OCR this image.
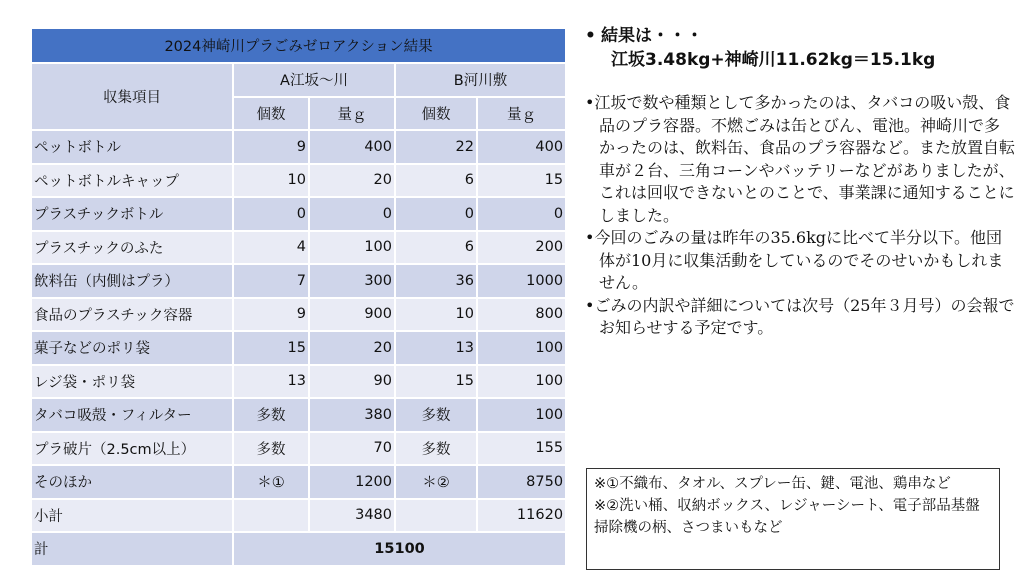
2024神崎川プラごみゼロアクション結果				
収集項目	A江坂～川		B河川敷	
	個数	量ｇ	個数	量ｇ
ペットボトル	9	400	22	400
ペットボトルキャップ	10	20	6	15
プラスチックボトル	0	0	0	0
プラスチックのふた	4	100	6	200
飲料缶（内側はプラ）	7	300	36	1000
食品のプラスチック容器	9	900	10	800
菓子などのポリ袋	15	20	13	100
レジ袋・ポリ袋	13	90	15	100
タバコ吸殻・フィルター	多数	380	多数	100
プラ破片（2.5cm以上）	多数	70	多数	155
そのほか	＊①	1200	＊②	8750
小計		3480		11620
計	15100			
• 結果は・・・
江坂3.48kg+神崎川11.62kg＝15.1kg
•江坂で数や種類として多かったのは、タバコの吸い殻、食品のプラ容器。不燃ごみは缶とびん、電池。神崎川で多かったのは、飲料缶、食品のプラ容器など。また放置自転車が２台、三角コーンやバッテリーなどがありましたが、これは回収できないとのことで、事業課に通知することにしました。
•今回のごみの量は昨年の35.6kgに比べて半分以下。他団体が10月に収集活動をしているのでそのせいかもしれません。
•ごみの内訳や詳細については次号（25年３月号）の会報でお知らせする予定です。
※①不織布、タオル、スプレー缶、鍵、電池、鶏串など
※②洗い桶、収納ボックス、レジャーシート、電子部品基盤掃除機の柄、さつまいもなど
